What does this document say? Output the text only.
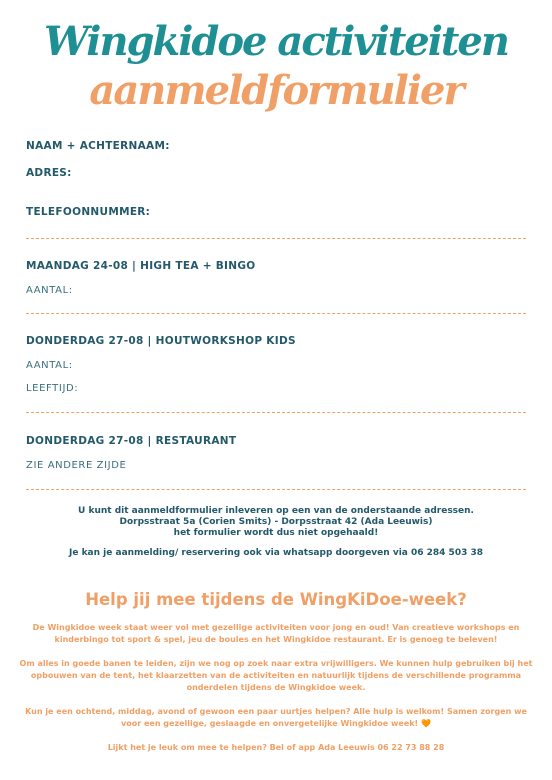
Wingkidoe activiteiten
aanmeldformulier
NAAM + ACHTERNAAM:
ADRES:
TELEFOONNUMMER:
MAANDAG 24-08 | HIGH TEA + BINGO
AANTAL:
DONDERDAG 27-08 | HOUTWORKSHOP KIDS
AANTAL:
LEEFTIJD:
DONDERDAG 27-08 | RESTAURANT
ZIE ANDERE ZIJDE
U kunt dit aanmeldformulier inleveren op een van de onderstaande adressen.
Dorpsstraat 5a (Corien Smits) - Dorpsstraat 42 (Ada Leeuwis)
het formulier wordt dus niet opgehaald!
Je kan je aanmelding/ reservering ook via whatsapp doorgeven via 06 284 503 38
Help jij mee tijdens de WingKiDoe-week?
De Wingkidoe week staat weer vol met gezellige activiteiten voor jong en oud! Van creatieve workshops en kinderbingo tot sport & spel, jeu de boules en het Wingkidoe restaurant. Er is genoeg te beleven!
Om alles in goede banen te leiden, zijn we nog op zoek naar extra vrijwilligers. We kunnen hulp gebruiken bij het opbouwen van de tent, het klaarzetten van de activiteiten en natuurlijk tijdens de verschillende programma onderdelen tijdens de Wingkidoe week.
Kun je een ochtend, middag, avond of gewoon een paar uurtjes helpen? Alle hulp is welkom! Samen zorgen we voor een gezellige, geslaagde en onvergetelijke Wingkidoe week! 🧡
Lijkt het je leuk om mee te helpen? Bel of app Ada Leeuwis 06 22 73 88 28
